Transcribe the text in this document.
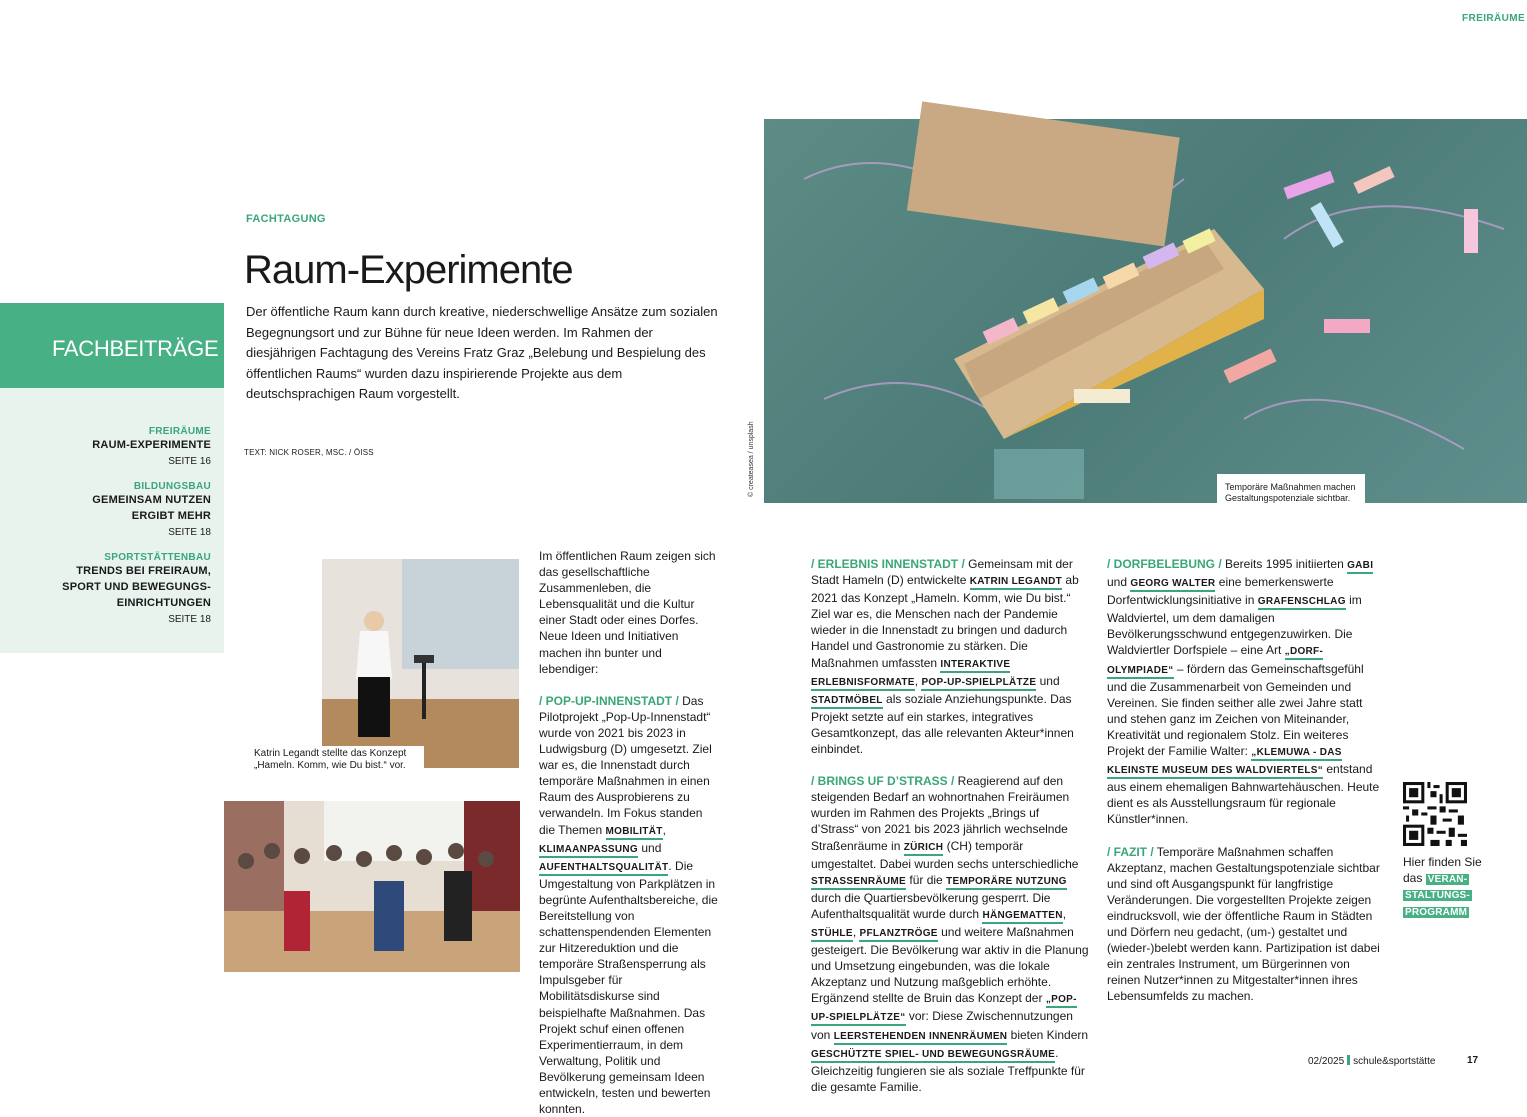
FREIRÄUME
FACHBEITRÄGE
FREIRÄUME
RAUM-EXPERIMENTE
SEITE 16
BILDUNGSBAU
GEMEINSAM NUTZEN
ERGIBT MEHR
SEITE 18
SPORTSTÄTTENBAU
TRENDS BEI FREIRAUM,
SPORT UND BEWEGUNGS-
EINRICHTUNGEN
SEITE 18
FACHTAGUNG
Raum-Experimente
Der öffentliche Raum kann durch kreative, niederschwellige Ansätze zum sozialen Begegnungsort und zur Bühne für neue Ideen werden. Im Rahmen der diesjährigen Fachtagung des Vereins Fratz Graz „Belebung und Bespielung des öffentlichen Raums“ wurden dazu inspirierende Projekte aus dem deutschsprachigen Raum vorgestellt.
TEXT: NICK ROSER, MSC. / ÖISS	© createasea / unsplash	Temporäre Maßnahmen machen Gestaltungspotenziale sichtbar.
Katrin Legandt stellte das Konzept „Hameln. Komm, wie Du bist.“ vor.

Im öffentlichen Raum zeigen sich das gesellschaftliche Zusammenleben, die Lebensqualität und die Kultur einer Stadt oder eines Dorfes. Neue Ideen und Initiativen machen ihn bunter und lebendiger:

/ POP-UP-INNENSTADT / Das Pilotprojekt „Pop-Up-Innenstadt“ wurde von 2021 bis 2023 in Ludwigsburg (D) umgesetzt. Ziel war es, die Innenstadt durch temporäre Maßnahmen in einen Raum des Ausprobierens zu verwandeln. Im Fokus standen die Themen MOBILITÄT, KLIMAANPASSUNG und AUFENTHALTSQUALITÄT. Die Umgestaltung von Parkplätzen in begrünte Aufenthaltsbereiche, die Bereitstellung von schattenspendenden Elementen zur Hitzereduktion und die temporäre Straßensperrung als Impulsgeber für Mobilitätsdiskurse sind beispielhafte Maßnahmen. Das Projekt schuf einen offenen Experimentierraum, in dem Verwaltung, Politik und Bevölkerung gemeinsam Ideen entwickeln, testen und bewerten konnten.

/ ERLEBNIS INNENSTADT / Gemeinsam mit der Stadt Hameln (D) entwickelte KATRIN LEGANDT ab 2021 das Konzept „Hameln. Komm, wie Du bist.“ Ziel war es, die Menschen nach der Pandemie wieder in die Innenstadt zu bringen und dadurch Handel und Gastronomie zu stärken. Die Maßnahmen umfassten INTERAKTIVE ERLEBNISFORMATE, POP-UP-SPIELPLÄTZE und STADTMÖBEL als soziale Anziehungspunkte. Das Projekt setzte auf ein starkes, integratives Gesamtkonzept, das alle relevanten Akteur*innen einbindet.

/ BRINGS UF D’STRASS / Reagierend auf den steigenden Bedarf an wohnortnahen Freiräumen wurden im Rahmen des Projekts „Brings uf d’Strass“ von 2021 bis 2023 jährlich wechselnde Straßenräume in ZÜRICH (CH) temporär umgestaltet. Dabei wurden sechs unterschiedliche STRASSENRÄUME für die TEMPORÄRE NUTZUNG durch die Quartiersbevölkerung gesperrt. Die Aufenthaltsqualität wurde durch HÄNGEMATTEN, STÜHLE, PFLANZTRÖGE und weitere Maßnahmen gesteigert. Die Bevölkerung war aktiv in die Planung und Umsetzung eingebunden, was die lokale Akzeptanz und Nutzung maßgeblich erhöhte.
Ergänzend stellte de Bruin das Konzept der „POP-UP-SPIELPLÄTZE“ vor: Diese Zwischennutzungen von LEERSTEHENDEN INNENRÄUMEN bieten Kindern GESCHÜTZTE SPIEL- UND BEWEGUNGSRÄUME. Gleichzeitig fungieren sie als soziale Treffpunkte für die gesamte Familie.

/ DORFBELEBUNG / Bereits 1995 initiierten GABI und GEORG WALTER eine bemerkenswerte Dorfentwicklungsinitiative in GRAFENSCHLAG im Waldviertel, um dem damaligen Bevölkerungsschwund entgegenzuwirken. Die Waldviertler Dorfspiele – eine Art „DORF-OLYMPIADE“ – fördern das Gemeinschaftsgefühl und die Zusammenarbeit von Gemeinden und Vereinen. Sie finden seither alle zwei Jahre statt und stehen ganz im Zeichen von Miteinander, Kreativität und regionalem Stolz. Ein weiteres Projekt der Familie Walter: „KLEMUWA - DAS KLEINSTE MUSEUM DES WALDVIERTELS“ entstand aus einem ehemaligen Bahnwartehäuschen. Heute dient es als Ausstellungsraum für regionale Künstler*innen.

/ FAZIT / Temporäre Maßnahmen schaffen Akzeptanz, machen Gestaltungspotenziale sichtbar und sind oft Ausgangspunkt für langfristige Veränderungen. Die vorgestellten Projekte zeigen eindrucksvoll, wie der öffentliche Raum in Städten und Dörfern neu gedacht, (um-) gestaltet und (wieder-)belebt werden kann. Partizipation ist dabei ein zentrales Instrument, um Bürgerinnen von reinen Nutzer*innen zu Mitgestalter*innen ihres Lebensumfelds zu machen.

Hier finden Sie das VERAN-
STALTUNGS-
PROGRAMM
02/2025 schule&sportstätte	17
